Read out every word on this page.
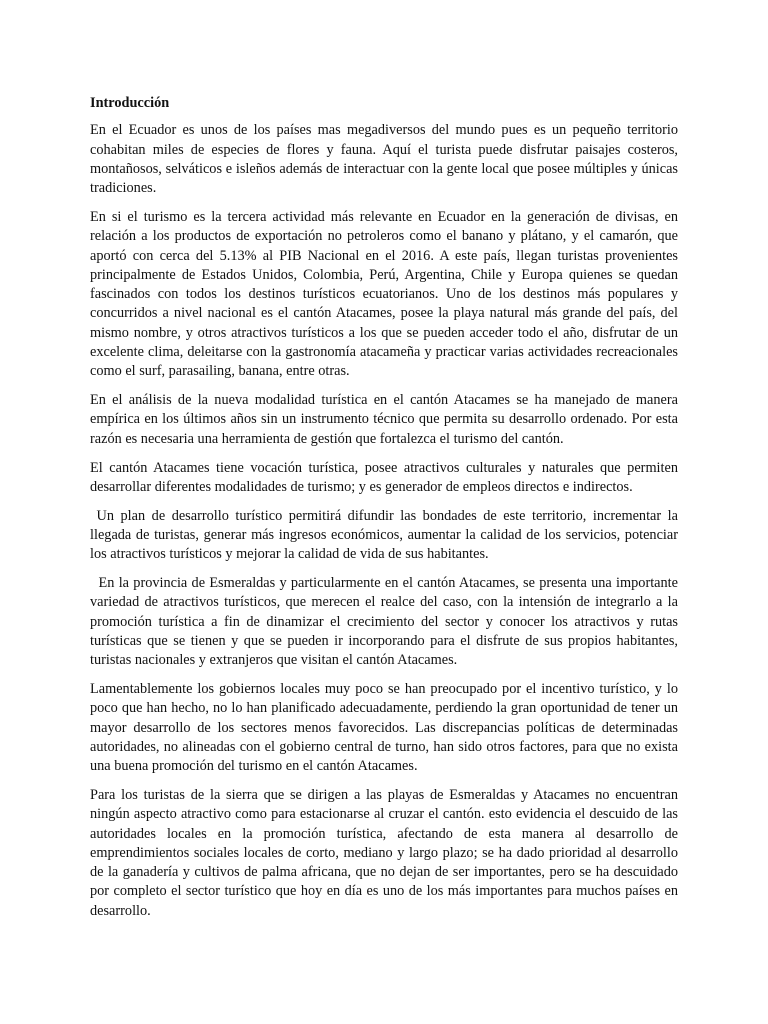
Introducción

En el Ecuador es unos de los países mas megadiversos del mundo pues es un pequeño territorio cohabitan miles de especies de flores y fauna. Aquí el turista puede disfrutar paisajes costeros, montañosos, selváticos e isleños además de interactuar con la gente local que posee múltiples y únicas tradiciones.

En si el turismo es la tercera actividad más relevante en Ecuador en la generación de divisas, en relación a los productos de exportación no petroleros como el banano y plátano, y el camarón, que aportó con cerca del 5.13% al PIB Nacional en el 2016. A este país, llegan turistas provenientes principalmente de Estados Unidos, Colombia, Perú, Argentina, Chile y Europa quienes se quedan fascinados con todos los destinos turísticos ecuatorianos. Uno de los destinos más populares y concurridos a nivel nacional es el cantón Atacames, posee la playa natural más grande del país, del mismo nombre, y otros atractivos turísticos a los que se pueden acceder todo el año, disfrutar de un excelente clima, deleitarse con la gastronomía atacameña y practicar varias actividades recreacionales como el surf, parasailing, banana, entre otras.

En el análisis de la nueva modalidad turística en el cantón Atacames se ha manejado de manera empírica en los últimos años sin un instrumento técnico que permita su desarrollo ordenado. Por esta razón es necesaria una herramienta de gestión que fortalezca el turismo del cantón.

El cantón Atacames tiene vocación turística, posee atractivos culturales y naturales que permiten desarrollar diferentes modalidades de turismo; y es generador de empleos directos e indirectos.

Un plan de desarrollo turístico permitirá difundir las bondades de este territorio, incrementar la llegada de turistas, generar más ingresos económicos, aumentar la calidad de los servicios, potenciar los atractivos turísticos y mejorar la calidad de vida de sus habitantes.

En la provincia de Esmeraldas y particularmente en el cantón Atacames, se presenta una importante variedad de atractivos turísticos, que merecen el realce del caso, con la intensión de integrarlo a la promoción turística a fin de dinamizar el crecimiento del sector y conocer los atractivos y rutas turísticas que se tienen y que se pueden ir incorporando para el disfrute de sus propios habitantes, turistas nacionales y extranjeros que visitan el cantón Atacames.

Lamentablemente los gobiernos locales muy poco se han preocupado por el incentivo turístico, y lo poco que han hecho, no lo han planificado adecuadamente, perdiendo la gran oportunidad de tener un mayor desarrollo de los sectores menos favorecidos. Las discrepancias políticas de determinadas autoridades, no alineadas con el gobierno central de turno, han sido otros factores, para que no exista una buena promoción del turismo en el cantón Atacames.

Para los turistas de la sierra que se dirigen a las playas de Esmeraldas y Atacames no encuentran ningún aspecto atractivo como para estacionarse al cruzar el cantón. esto evidencia el descuido de las autoridades locales en la promoción turística, afectando de esta manera al desarrollo de emprendimientos sociales locales de corto, mediano y largo plazo; se ha dado prioridad al desarrollo de la ganadería y cultivos de palma africana, que no dejan de ser importantes, pero se ha descuidado por completo el sector turístico que hoy en día es uno de los más importantes para muchos países en desarrollo.
